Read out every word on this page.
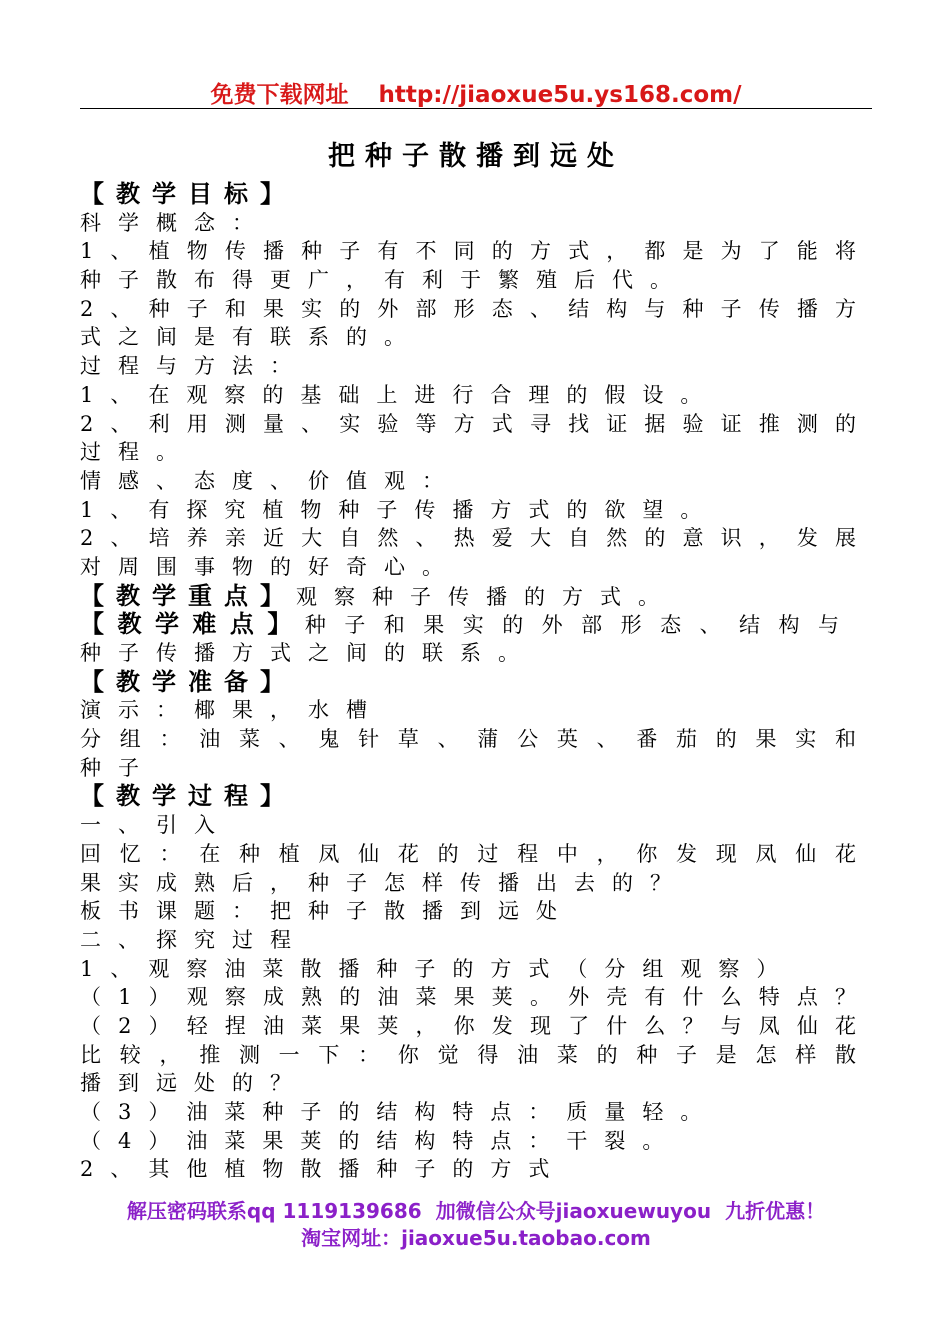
免费下载网址 http://jiaoxue5u.ys168.com/
把种子散播到远处
【教学目标】
科学概念：
1、植物传播种子有不同的方式，都是为了能将
种子散布得更广，有利于繁殖后代。
2、种子和果实的外部形态、结构与种子传播方
式之间是有联系的。
过程与方法：
1、在观察的基础上进行合理的假设。
2、利用测量、实验等方式寻找证据验证推测的
过程。
情感、态度、价值观：
1、有探究植物种子传播方式的欲望。
2、培养亲近大自然、热爱大自然的意识，发展
对周围事物的好奇心。
【教学重点】观察种子传播的方式。
【教学难点】种子和果实的外部形态、结构与
种子传播方式之间的联系。
【教学准备】
演示：椰果，水槽
分组：油菜、鬼针草、蒲公英、番茄的果实和
种子
【教学过程】
一、引入
回忆：在种植凤仙花的过程中，你发现凤仙花
果实成熟后，种子怎样传播出去的？
板书课题：把种子散播到远处
二、探究过程
1、观察油菜散播种子的方式（分组观察）
（1）观察成熟的油菜果荚。外壳有什么特点？
（2）轻捏油菜果荚，你发现了什么？与凤仙花
比较，推测一下：你觉得油菜的种子是怎样散
播到远处的？
（3）油菜种子的结构特点：质量轻。
（4）油菜果荚的结构特点：干裂。
2、其他植物散播种子的方式
解压密码联系qq 1119139686 加微信公众号jiaoxuewuyou 九折优惠！
淘宝网址：jiaoxue5u.taobao.com
